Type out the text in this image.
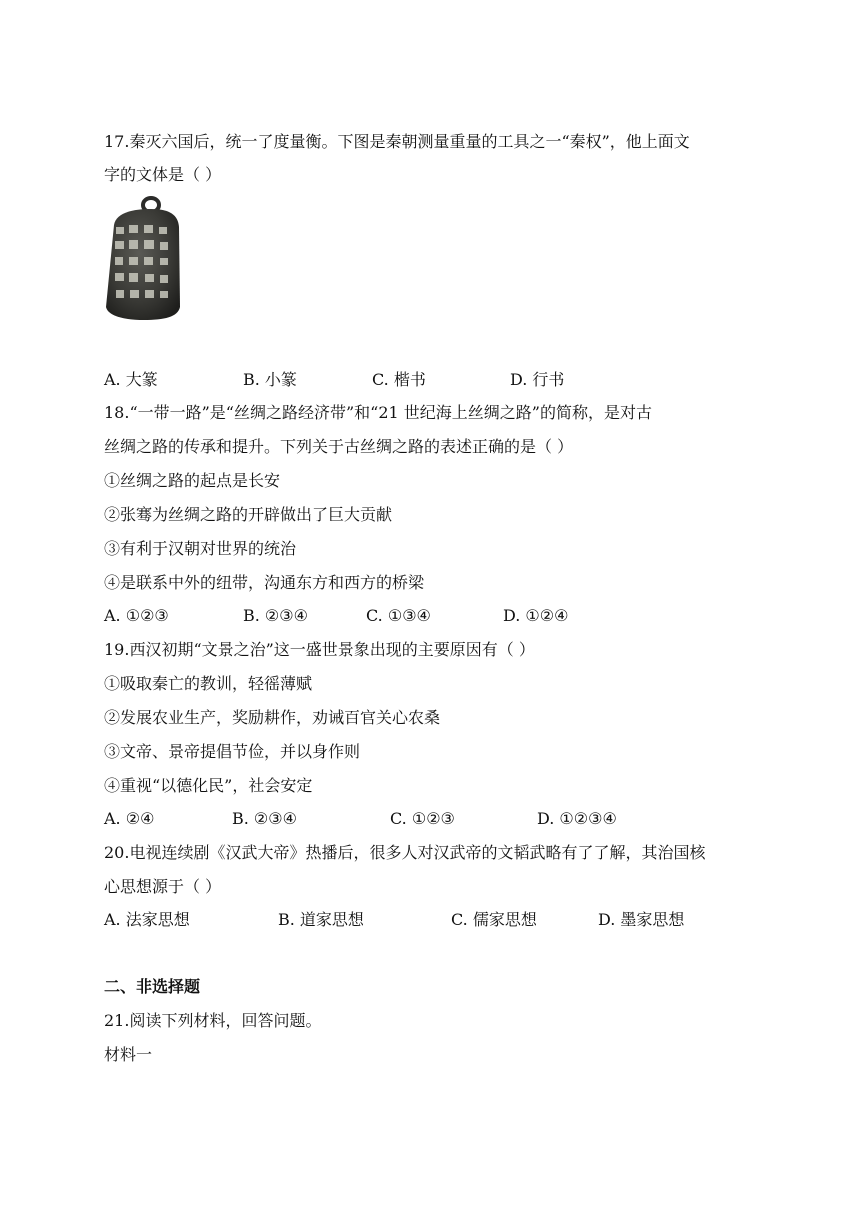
17.秦灭六国后，统一了度量衡。下图是秦朝测量重量的工具之一“秦权”，他上面文
字的文体是（ ）
A. 大篆	B. 小篆	C. 楷书	D. 行书
18.“一带一路”是“丝绸之路经济带”和“21 世纪海上丝绸之路”的简称，是对古
丝绸之路的传承和提升。下列关于古丝绸之路的表述正确的是（ ）
①丝绸之路的起点是长安
②张骞为丝绸之路的开辟做出了巨大贡献
③有利于汉朝对世界的统治
④是联系中外的纽带，沟通东方和西方的桥梁
A. ①②③	B. ②③④	C. ①③④	D. ①②④
19.西汉初期“文景之治”这一盛世景象出现的主要原因有（ ）
①吸取秦亡的教训，轻徭薄赋
②发展农业生产，奖励耕作，劝诫百官关心农桑
③文帝、景帝提倡节俭，并以身作则
④重视“以德化民”，社会安定
A. ②④	B. ②③④	C. ①②③	D. ①②③④
20.电视连续剧《汉武大帝》热播后，很多人对汉武帝的文韬武略有了了解，其治国核
心思想源于（ ）
A. 法家思想	B. 道家思想	C. 儒家思想	D. 墨家思想
二、非选择题
21.阅读下列材料，回答问题。
材料一
